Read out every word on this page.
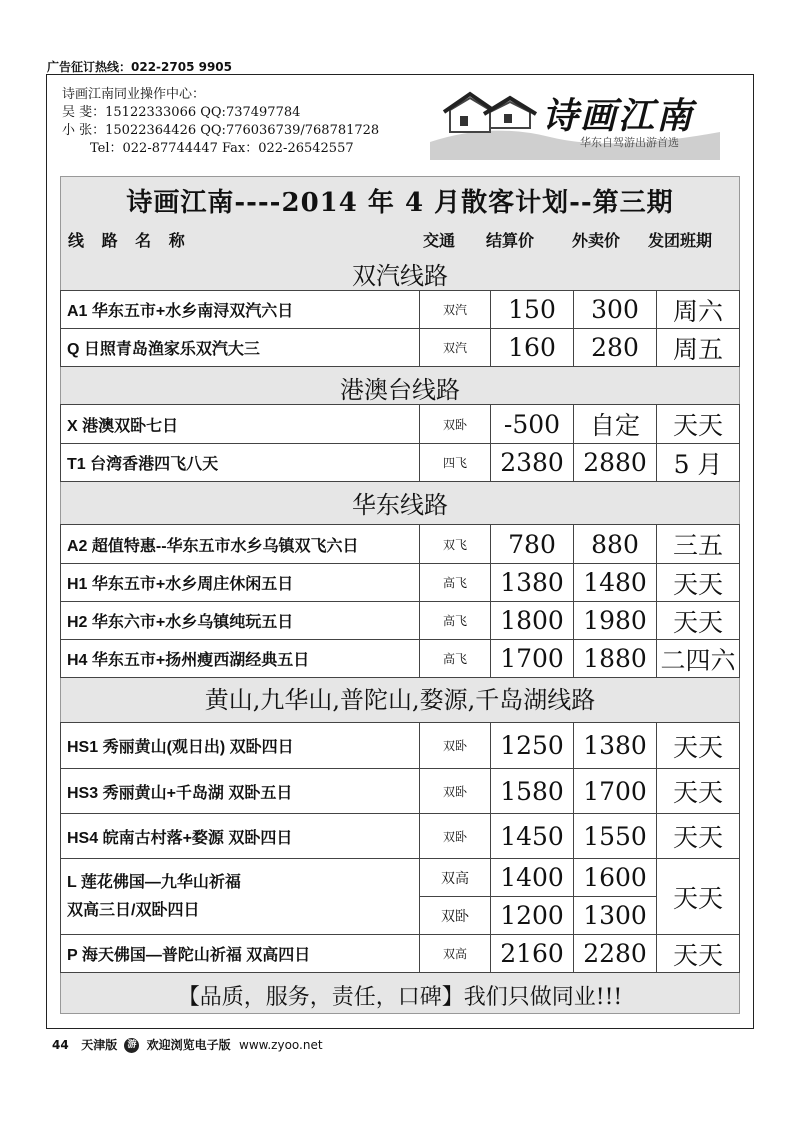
广告征订热线：022-2705 9905
诗画江南同业操作中心：
吴 斐：15122333066 QQ:737497784
小 张：15022364426 QQ:776036739/768781728
Tel：022-87744447 Fax：022-26542557
诗画江南
华东自驾游出游首选
诗画江南----2014 年 4 月散客计划--第三期
线 路 名 称	交通 结算价 外卖价 发团班期
双汽线路
A1 华东五市+水乡南浔双汽六日	双汽	150	300	周六
Q 日照青岛渔家乐双汽大三	双汽	160	280	周五
港澳台线路
X 港澳双卧七日	双卧	-500	自定	天天
T1 台湾香港四飞八天	四飞	2380	2880	5 月
华东线路
A2 超值特惠--华东五市水乡乌镇双飞六日	双飞	780	880	三五
H1 华东五市+水乡周庄休闲五日	高飞	1380	1480	天天
H2 华东六市+水乡乌镇纯玩五日	高飞	1800	1980	天天
H4 华东五市+扬州瘦西湖经典五日	高飞	1700	1880	二四六
黄山,九华山,普陀山,婺源,千岛湖线路
HS1 秀丽黄山(观日出) 双卧四日	双卧	1250	1380	天天
HS3 秀丽黄山+千岛湖 双卧五日	双卧	1580	1700	天天
HS4 皖南古村落+婺源 双卧四日	双卧	1450	1550	天天

L 莲花佛国—九华山祈福
双高三日/双卧四日	双高	1400	1600	天天
	双卧	1200	1300	
P 海天佛国—普陀山祈福 双高四日	双高	2160	2280	天天
【品质，服务，责任，口碑】我们只做同业!!!
44 天津版 游 欢迎浏览电子版 www.zyoo.net
